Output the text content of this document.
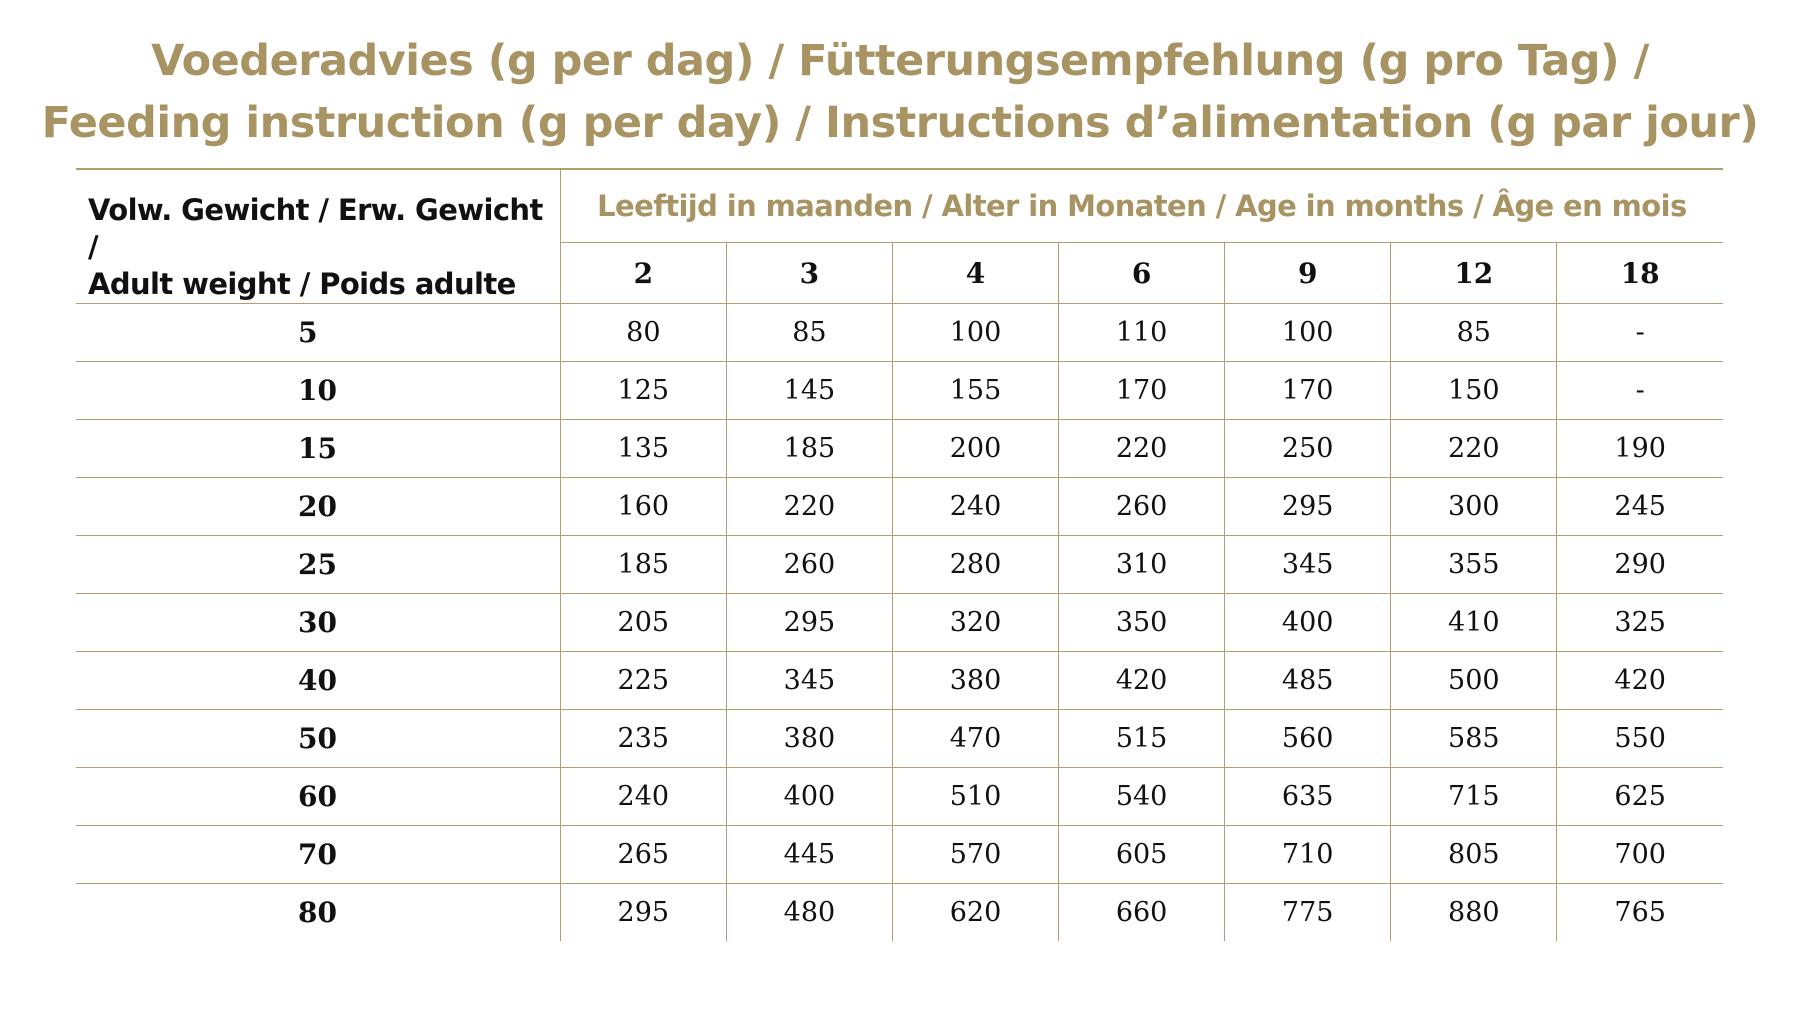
Voederadvies (g per dag) / Fütterungsempfehlung (g pro Tag) /
Feeding instruction (g per day) / Instructions d’alimentation (g par jour)
Volw. Gewicht / Erw. Gewicht /
Adult weight / Poids adulte	Leeftijd in maanden / Alter in Monaten / Age in months / Âge en mois						
	2	3	4	6	9	12	18
5	80	85	100	110	100	85	-
10	125	145	155	170	170	150	-
15	135	185	200	220	250	220	190
20	160	220	240	260	295	300	245
25	185	260	280	310	345	355	290
30	205	295	320	350	400	410	325
40	225	345	380	420	485	500	420
50	235	380	470	515	560	585	550
60	240	400	510	540	635	715	625
70	265	445	570	605	710	805	700
80	295	480	620	660	775	880	765
